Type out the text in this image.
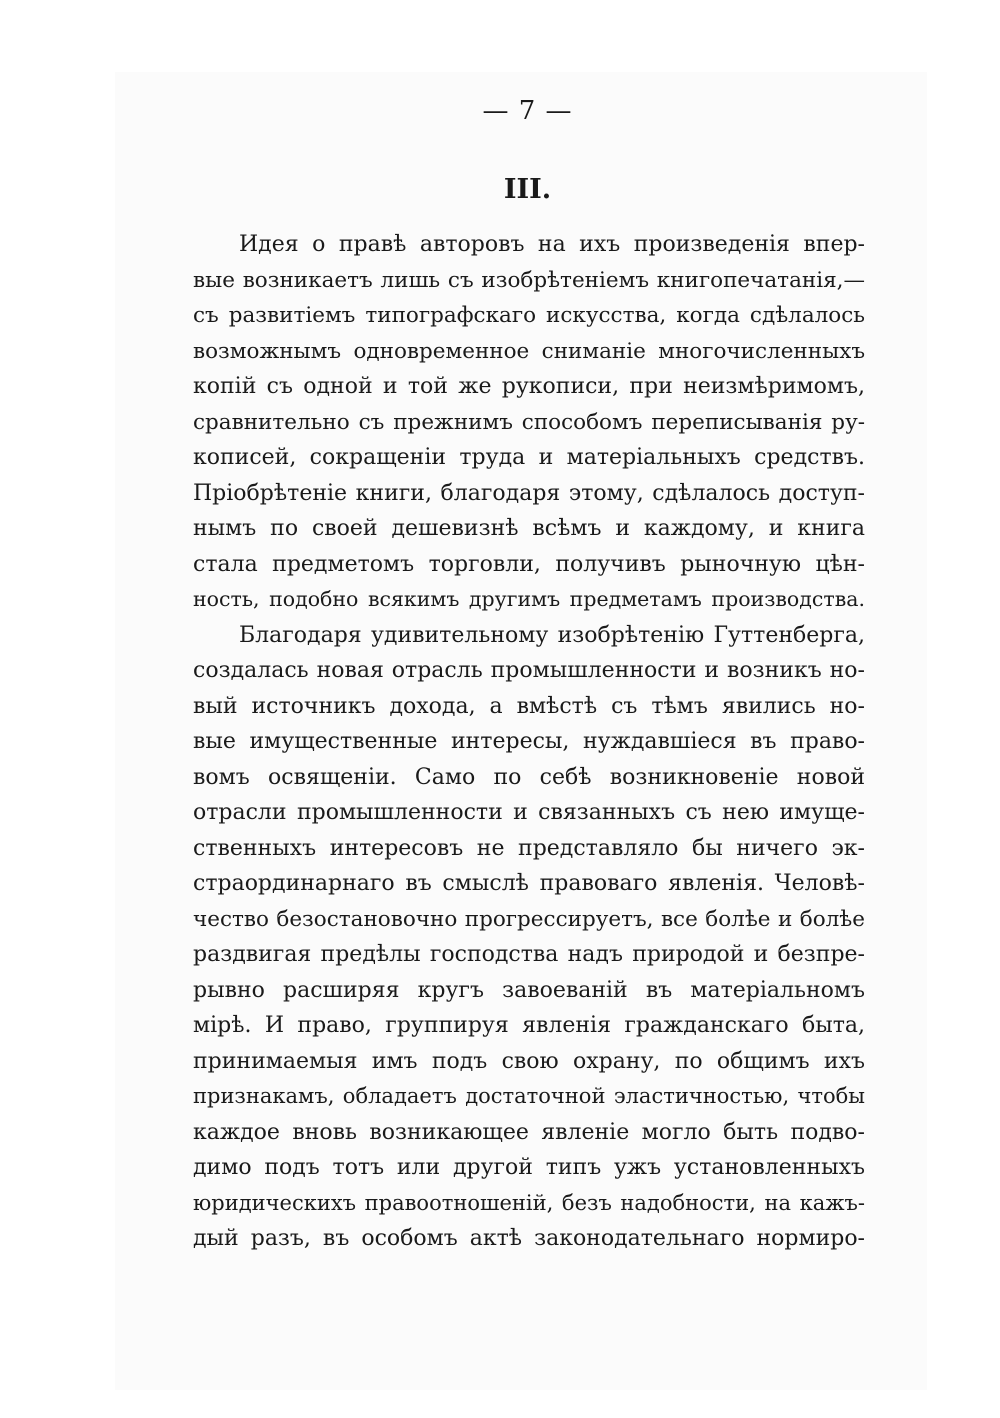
— 7 —
III.
Идея о правѣ авторовъ на ихъ произведенія впер-
вые возникаетъ лишь съ изобрѣтеніемъ книгопечатанія,—
съ развитіемъ типографскаго искусства, когда сдѣлалось
возможнымъ одновременное сниманіе многочисленныхъ
копій съ одной и той же рукописи, при неизмѣримомъ,
сравнительно съ прежнимъ способомъ переписыванія ру-
кописей, сокращеніи труда и матеріальныхъ средствъ.
Пріобрѣтеніе книги, благодаря этому, сдѣлалось доступ-
нымъ по своей дешевизнѣ всѣмъ и каждому, и книга
стала предметомъ торговли, получивъ рыночную цѣн-
ность, подобно всякимъ другимъ предметамъ производства.
Благодаря удивительному изобрѣтенію Гуттенберга,
создалась новая отрасль промышленности и возникъ но-
вый источникъ дохода, а вмѣстѣ съ тѣмъ явились но-
вые имущественные интересы, нуждавшіеся въ право-
вомъ освященіи. Само по себѣ возникновеніе новой
отрасли промышленности и связанныхъ съ нею имуще-
ственныхъ интересовъ не представляло бы ничего эк-
страординарнаго въ смыслѣ правоваго явленія. Человѣ-
чество безостановочно прогрессируетъ, все болѣе и болѣе
раздвигая предѣлы господства надъ природой и безпре-
рывно расширяя кругъ завоеваній въ матеріальномъ
мірѣ. И право, группируя явленія гражданскаго быта,
принимаемыя имъ подъ свою охрану, по общимъ ихъ
признакамъ, обладаетъ достаточной эластичностью, чтобы
каждое вновь возникающее явленіе могло быть подво-
димо подъ тотъ или другой типъ ужъ установленныхъ
юридическихъ правоотношеній, безъ надобности, на кажъ-
дый разъ, въ особомъ актѣ законодательнаго нормиро-
